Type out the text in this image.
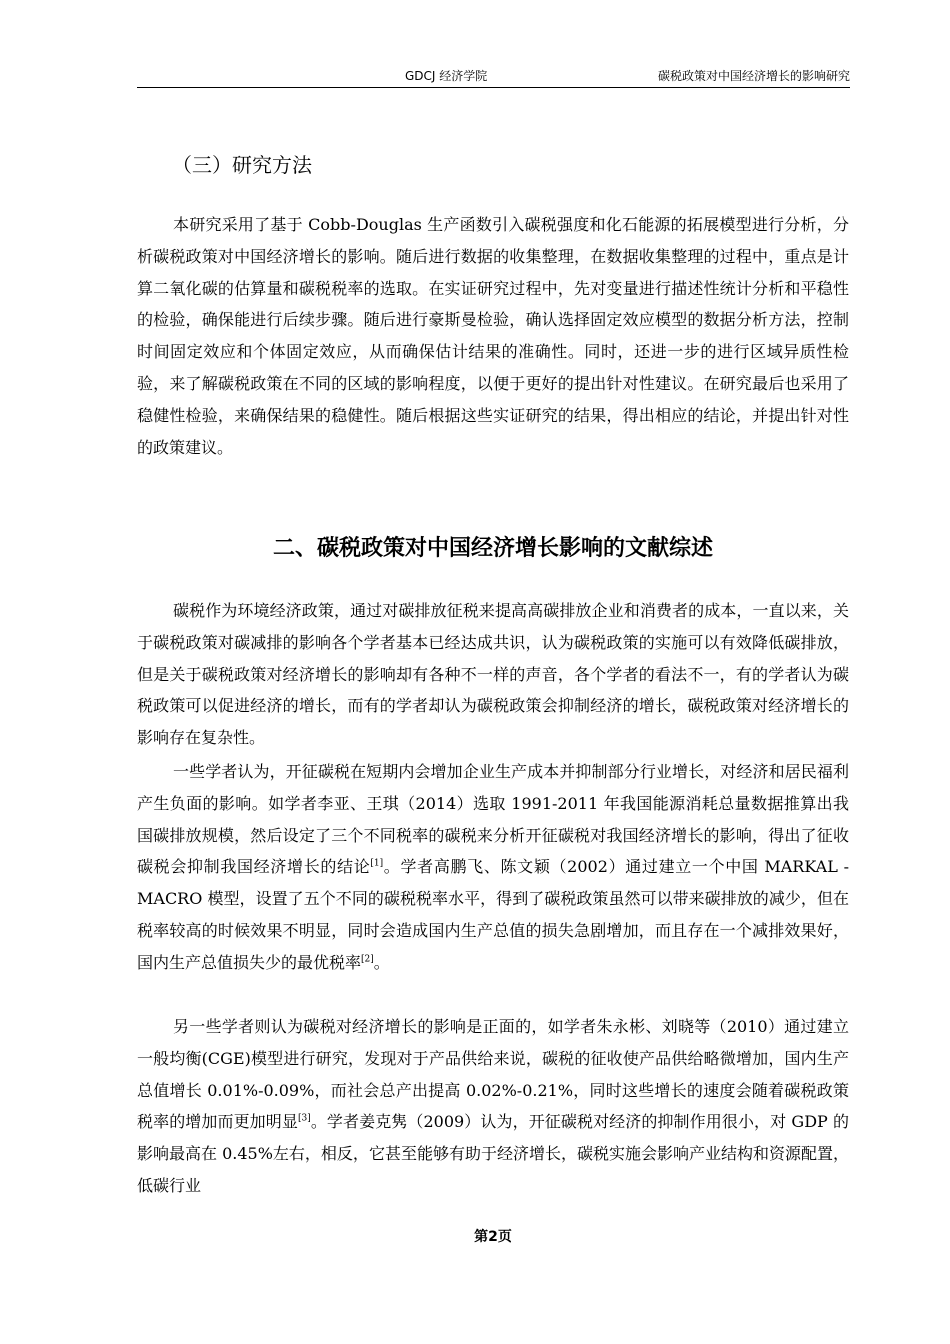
GDCJ 经济学院	碳税政策对中国经济增长的影响研究
（三）研究方法

本研究采用了基于 Cobb-Douglas 生产函数引入碳税强度和化石能源的拓展模型进行分析，分析碳税政策对中国经济增长的影响。随后进行数据的收集整理，在数据收集整理的过程中，重点是计算二氧化碳的估算量和碳税税率的选取。在实证研究过程中，先对变量进行描述性统计分析和平稳性的检验，确保能进行后续步骤。随后进行豪斯曼检验，确认选择固定效应模型的数据分析方法，控制时间固定效应和个体固定效应，从而确保估计结果的准确性。同时，还进一步的进行区域异质性检验，来了解碳税政策在不同的区域的影响程度，以便于更好的提出针对性建议。在研究最后也采用了稳健性检验，来确保结果的稳健性。随后根据这些实证研究的结果，得出相应的结论，并提出针对性的政策建议。

二、碳税政策对中国经济增长影响的文献综述

碳税作为环境经济政策，通过对碳排放征税来提高高碳排放企业和消费者的成本，一直以来，关于碳税政策对碳减排的影响各个学者基本已经达成共识，认为碳税政策的实施可以有效降低碳排放，但是关于碳税政策对经济增长的影响却有各种不一样的声音，各个学者的看法不一，有的学者认为碳税政策可以促进经济的增长，而有的学者却认为碳税政策会抑制经济的增长，碳税政策对经济增长的影响存在复杂性。

一些学者认为，开征碳税在短期内会增加企业生产成本并抑制部分行业增长，对经济和居民福利产生负面的影响。如学者李亚、王琪（2014）选取 1991-2011 年我国能源消耗总量数据推算出我国碳排放规模，然后设定了三个不同税率的碳税来分析开征碳税对我国经济增长的影响，得出了征收碳税会抑制我国经济增长的结论[1]。学者高鹏飞、陈文颖（2002）通过建立一个中国 MARKAL -MACRO 模型，设置了五个不同的碳税税率水平，得到了碳税政策虽然可以带来碳排放的减少，但在税率较高的时候效果不明显，同时会造成国内生产总值的损失急剧增加，而且存在一个减排效果好，国内生产总值损失少的最优税率[2]。

另一些学者则认为碳税对经济增长的影响是正面的，如学者朱永彬、刘晓等（2010）通过建立一般均衡(CGE)模型进行研究，发现对于产品供给来说，碳税的征收使产品供给略微增加，国内生产总值增长 0.01%-0.09%，而社会总产出提高 0.02%-0.21%，同时这些增长的速度会随着碳税政策税率的增加而更加明显[3]。学者姜克隽（2009）认为，开征碳税对经济的抑制作用很小，对 GDP 的影响最高在 0.45%左右，相反，它甚至能够有助于经济增长，碳税实施会影响产业结构和资源配置，低碳行业

第2页
